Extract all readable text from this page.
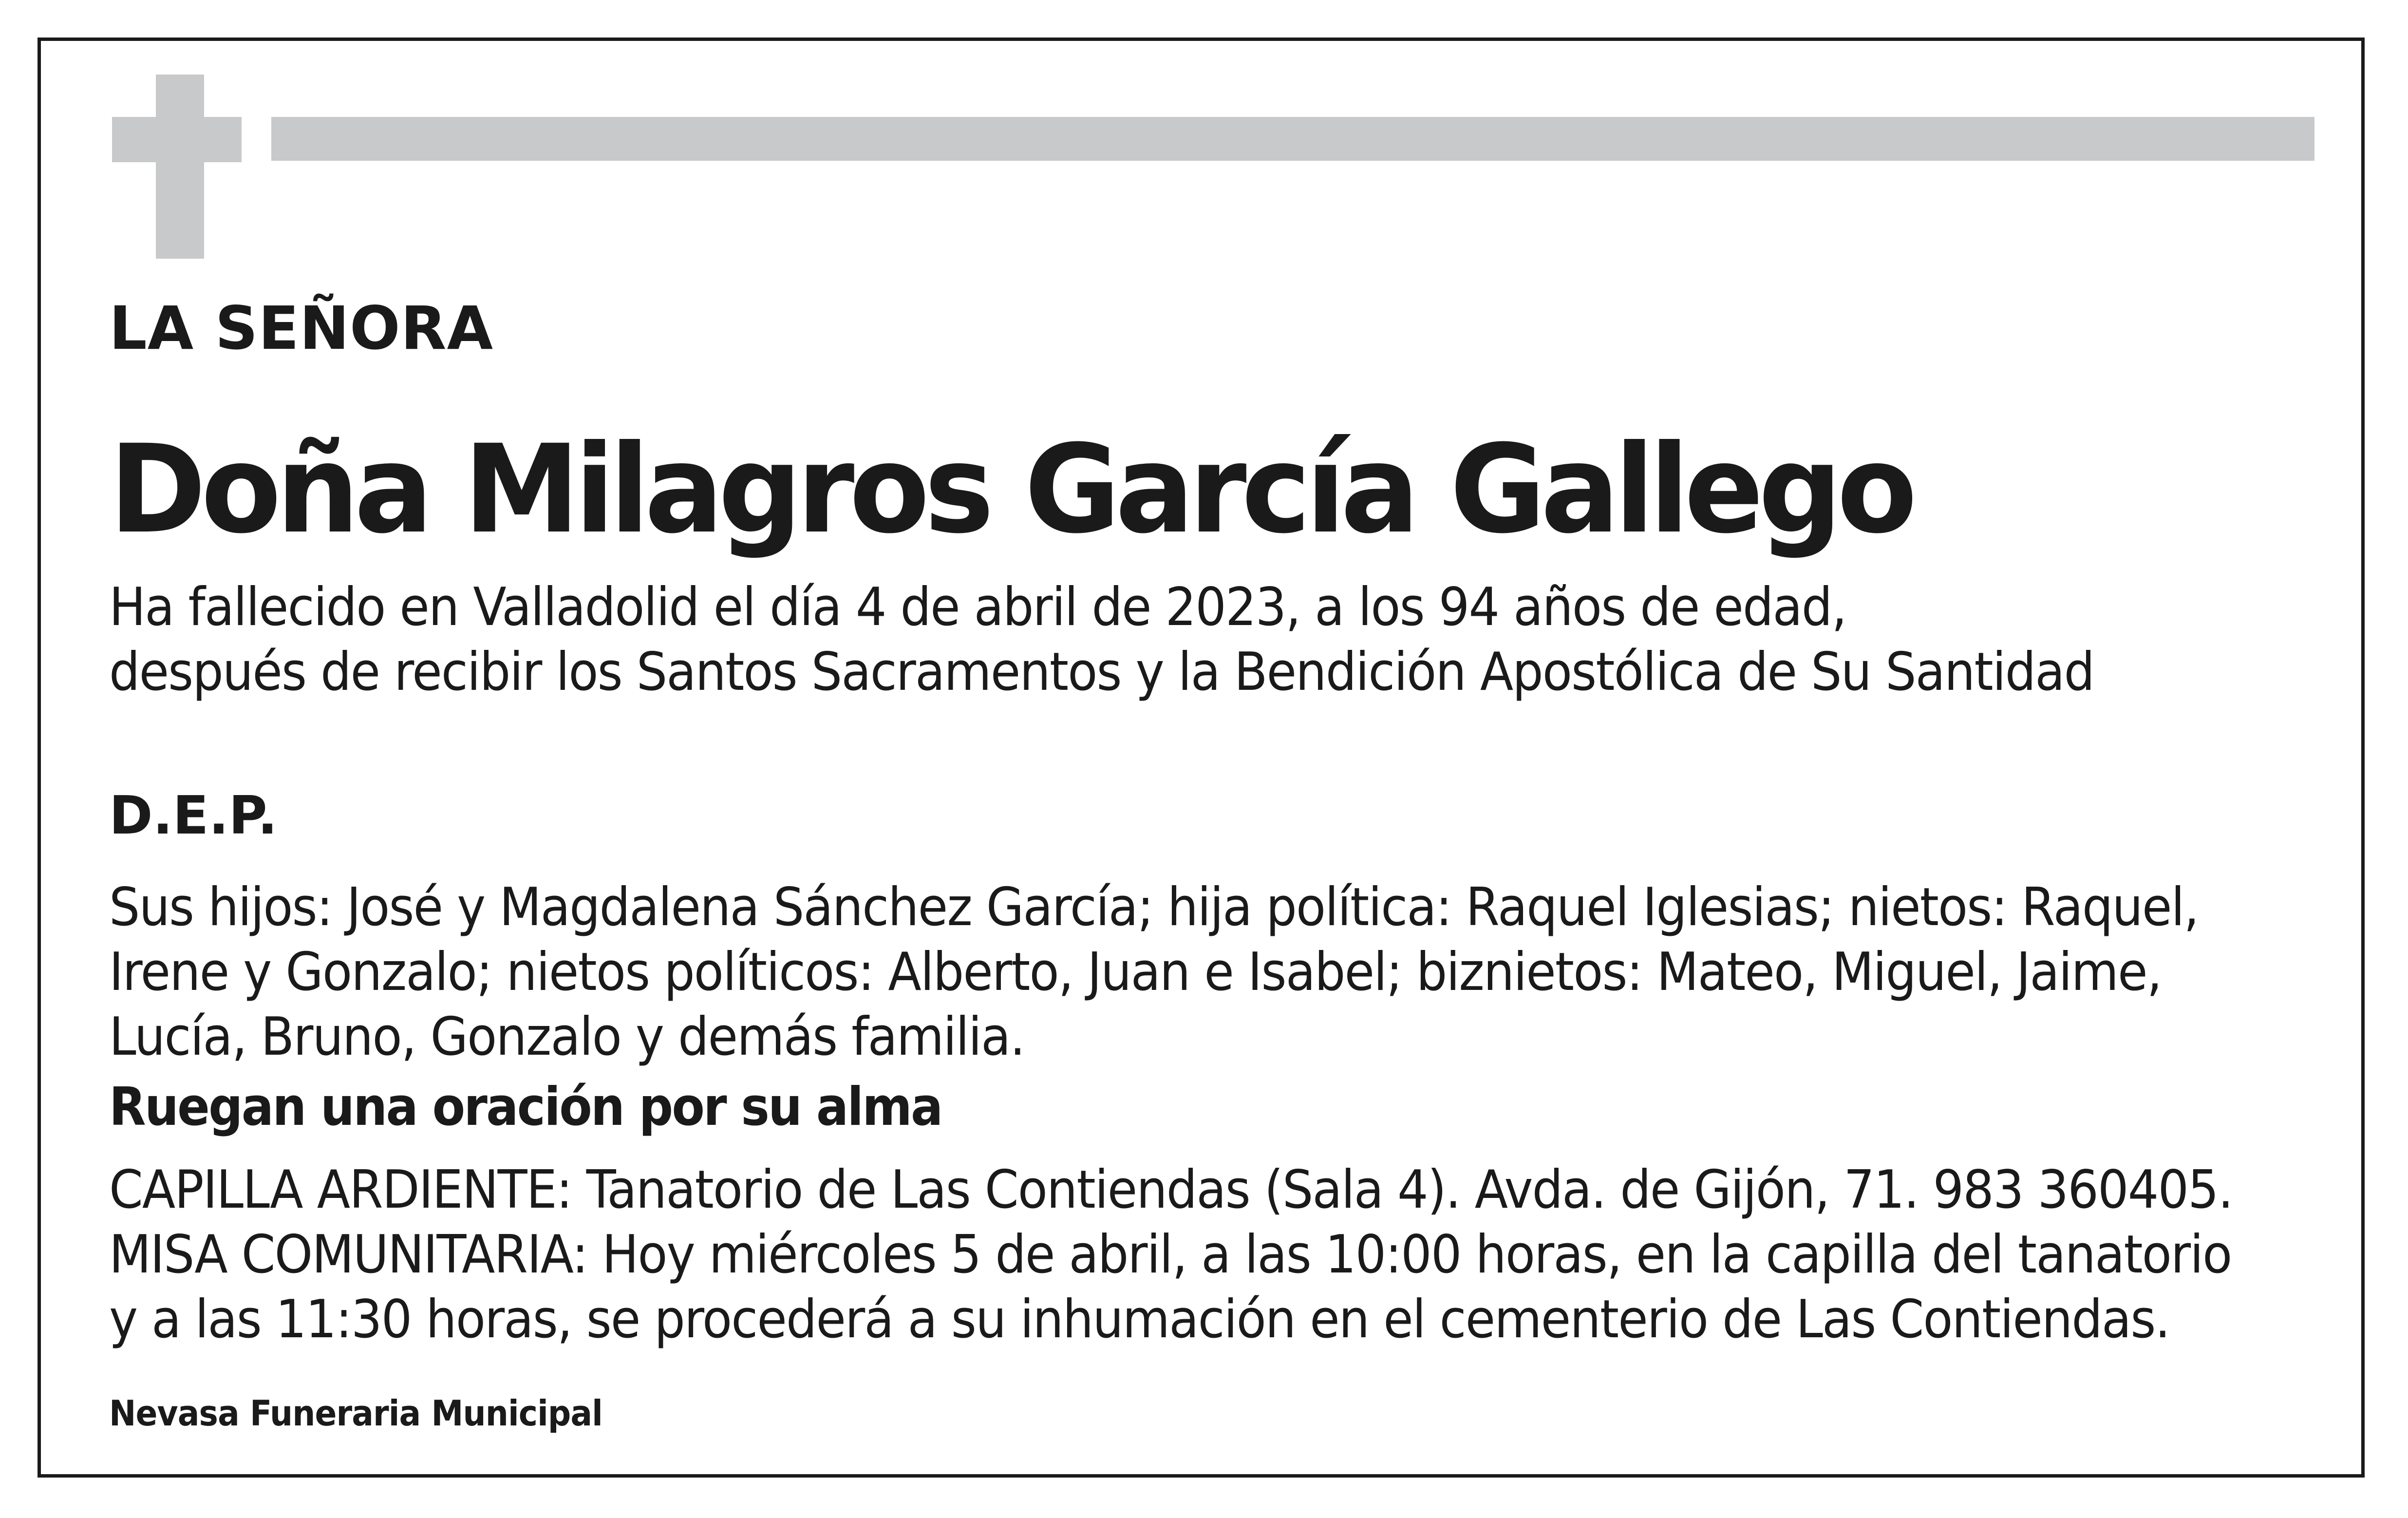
LA SEÑORA

Doña Milagros García Gallego
Ha fallecido en Valladolid el día 4 de abril de 2023, a los 94 años de edad,
después de recibir los Santos Sacramentos y la Bendición Apostólica de Su Santidad

D.E.P.

Sus hijos: José y Magdalena Sánchez García; hija política: Raquel Iglesias; nietos: Raquel,
Irene y Gonzalo; nietos políticos: Alberto, Juan e Isabel; biznietos: Mateo, Miguel, Jaime,
Lucía, Bruno, Gonzalo y demás familia.

Ruegan una oración por su alma

CAPILLA ARDIENTE: Tanatorio de Las Contiendas (Sala 4). Avda. de Gijón, 71. 983 360405.
MISA COMUNITARIA: Hoy miércoles 5 de abril, a las 10:00 horas, en la capilla del tanatorio
y a las 11:30 horas, se procederá a su inhumación en el cementerio de Las Contiendas.

Nevasa Funeraria Municipal
